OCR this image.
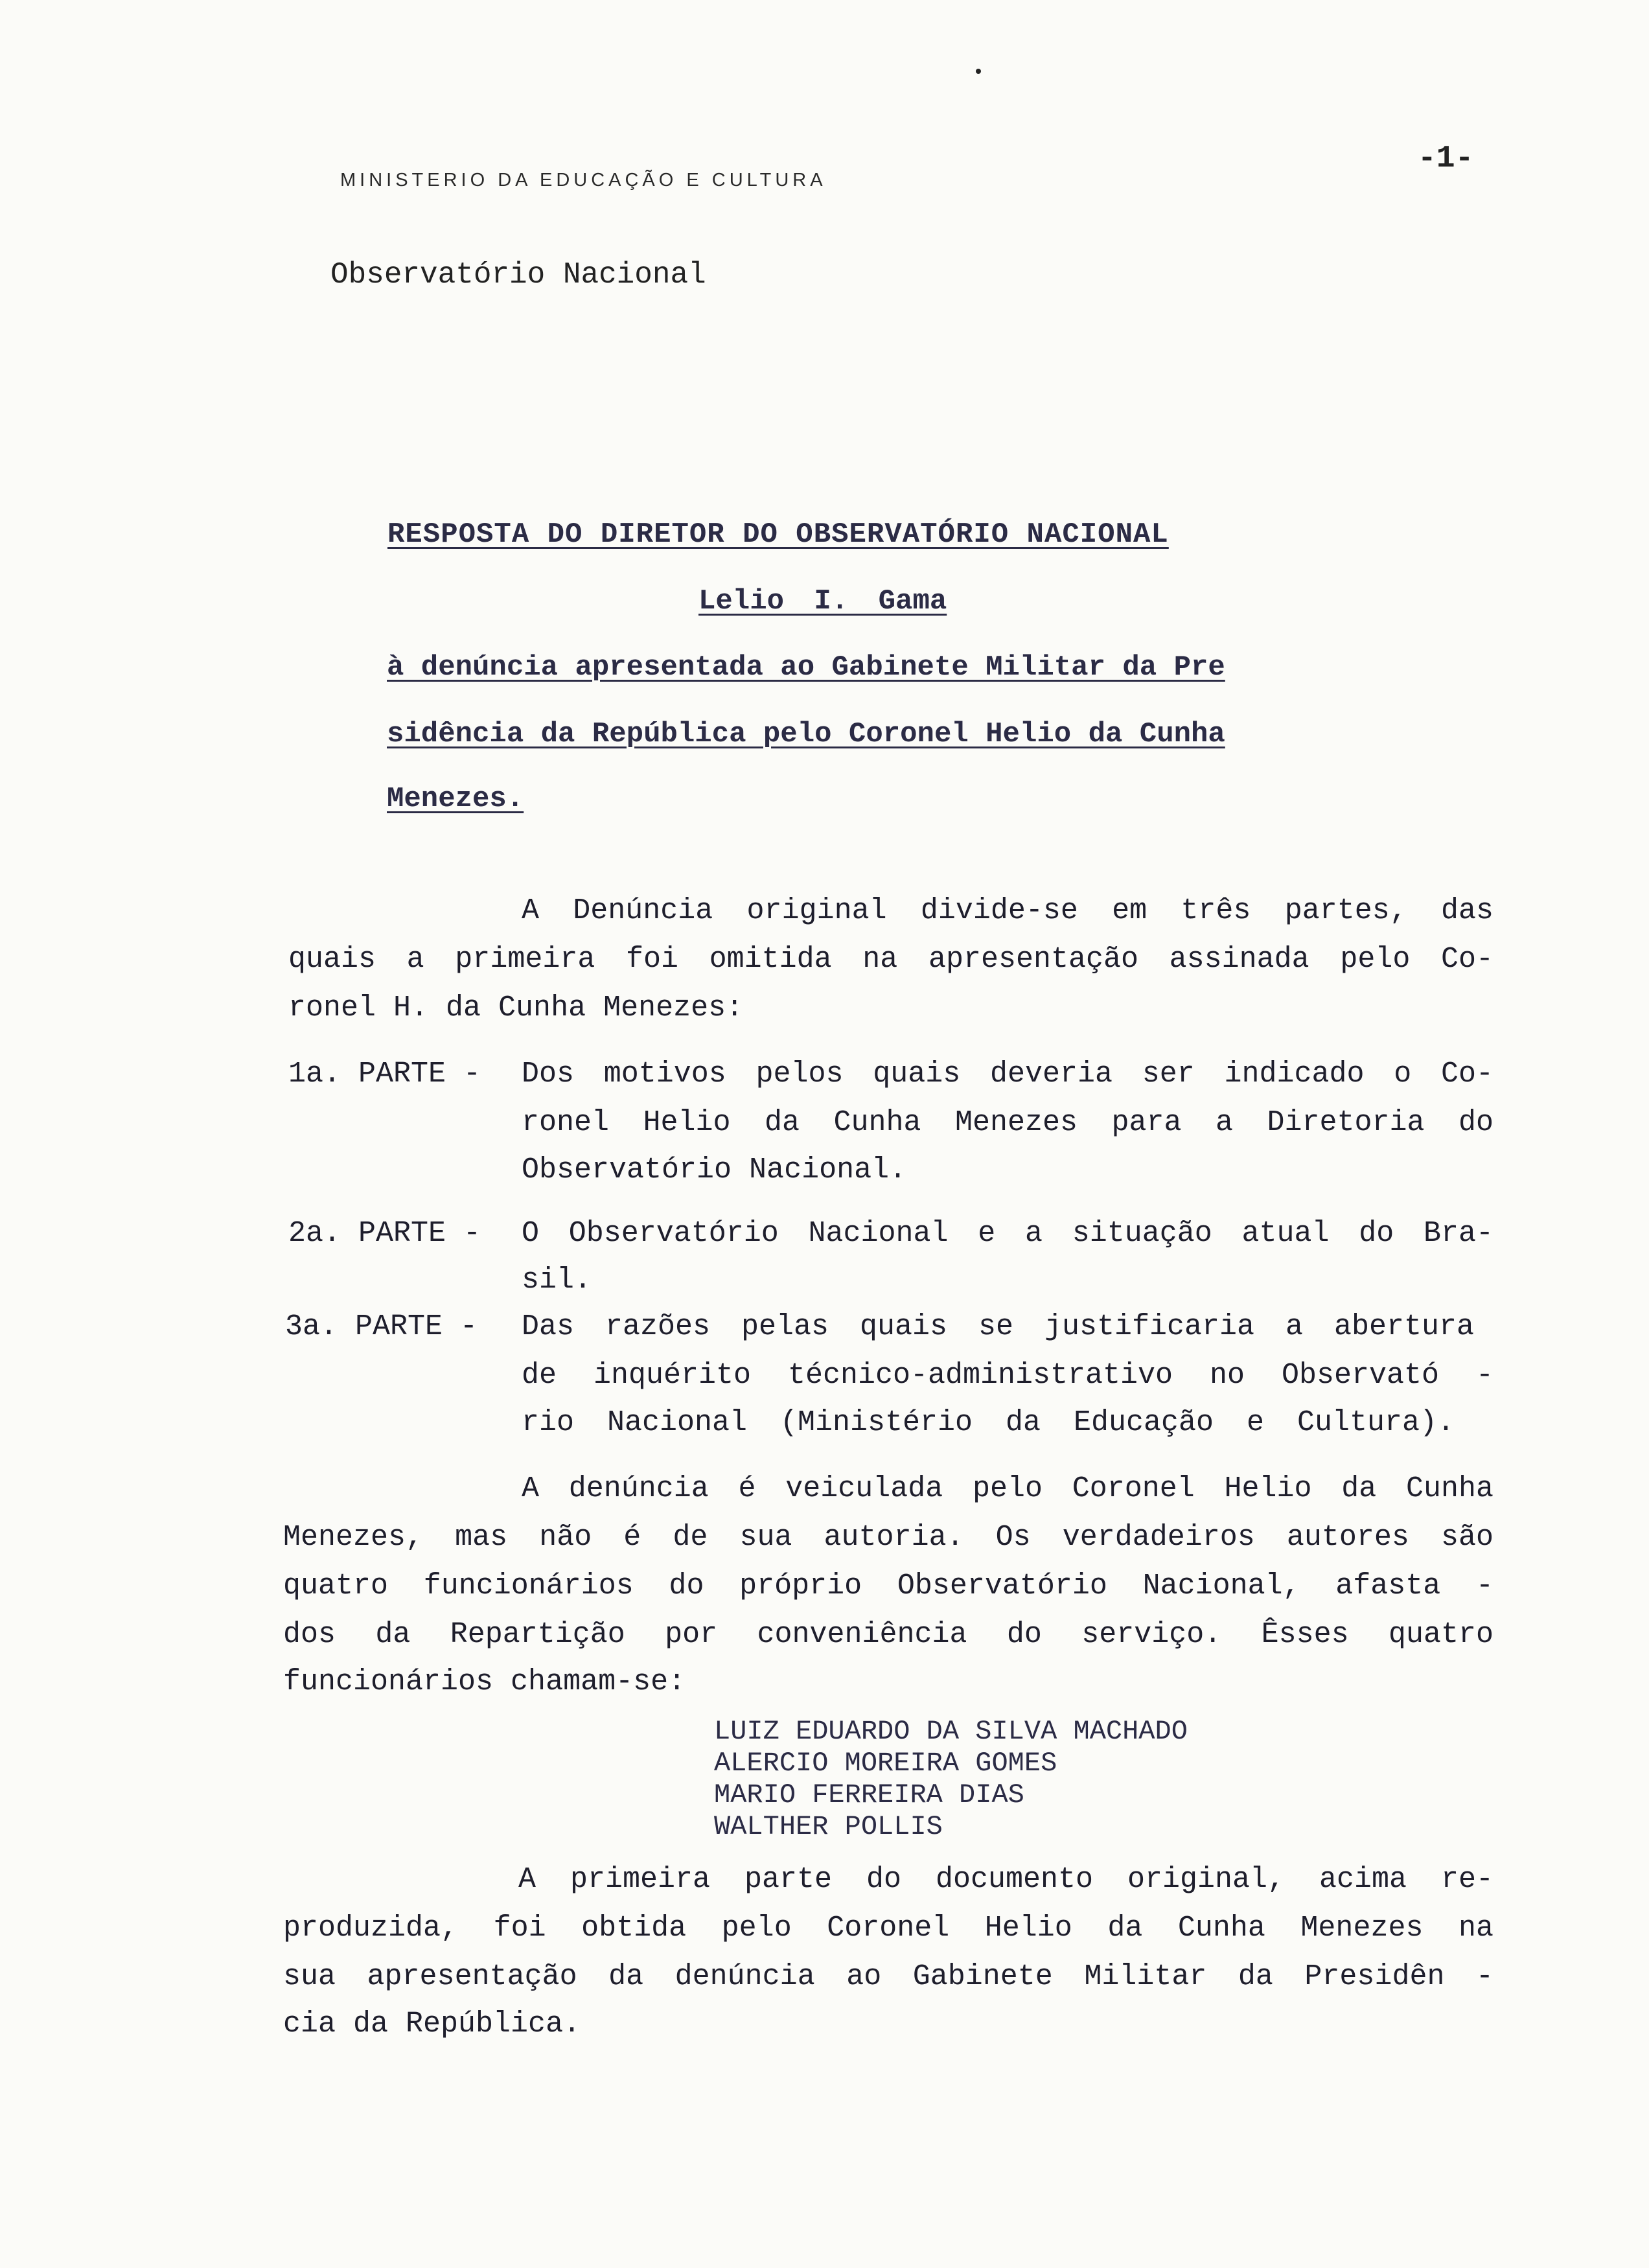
MINISTERIO DA EDUCAÇÃO E CULTURA
-1-
Observatório Nacional
RESPOSTA DO DIRETOR DO OBSERVATÓRIO NACIONAL
Lelio I. Gama
à denúncia apresentada ao Gabinete Militar da Pre
sidência da República pelo Coronel Helio da Cunha
Menezes.
A Denúncia original divide-se em três partes, das
quais a primeira foi omitida na apresentação assinada pelo Co-
ronel H. da Cunha Menezes:
1a. PARTE - Dos motivos pelos quais deveria ser indicado o Co-
ronel Helio da Cunha Menezes para a Diretoria do
Observatório Nacional.
2a. PARTE - O Observatório Nacional e a situação atual do Bra-
sil.
3a. PARTE - Das razões pelas quais se justificaria a abertura
de inquérito técnico-administrativo no Observató -
rio Nacional (Ministério da Educação e Cultura).
A denúncia é veiculada pelo Coronel Helio da Cunha
Menezes, mas não é de sua autoria. Os verdadeiros autores são
quatro funcionários do próprio Observatório Nacional, afasta -
dos da Repartição por conveniência do serviço. Êsses quatro
funcionários chamam-se:
LUIZ EDUARDO DA SILVA MACHADO
ALERCIO MOREIRA GOMES
MARIO FERREIRA DIAS
WALTHER POLLIS
A primeira parte do documento original, acima re-
produzida, foi obtida pelo Coronel Helio da Cunha Menezes na
sua apresentação da denúncia ao Gabinete Militar da Presidên -
cia da República.
